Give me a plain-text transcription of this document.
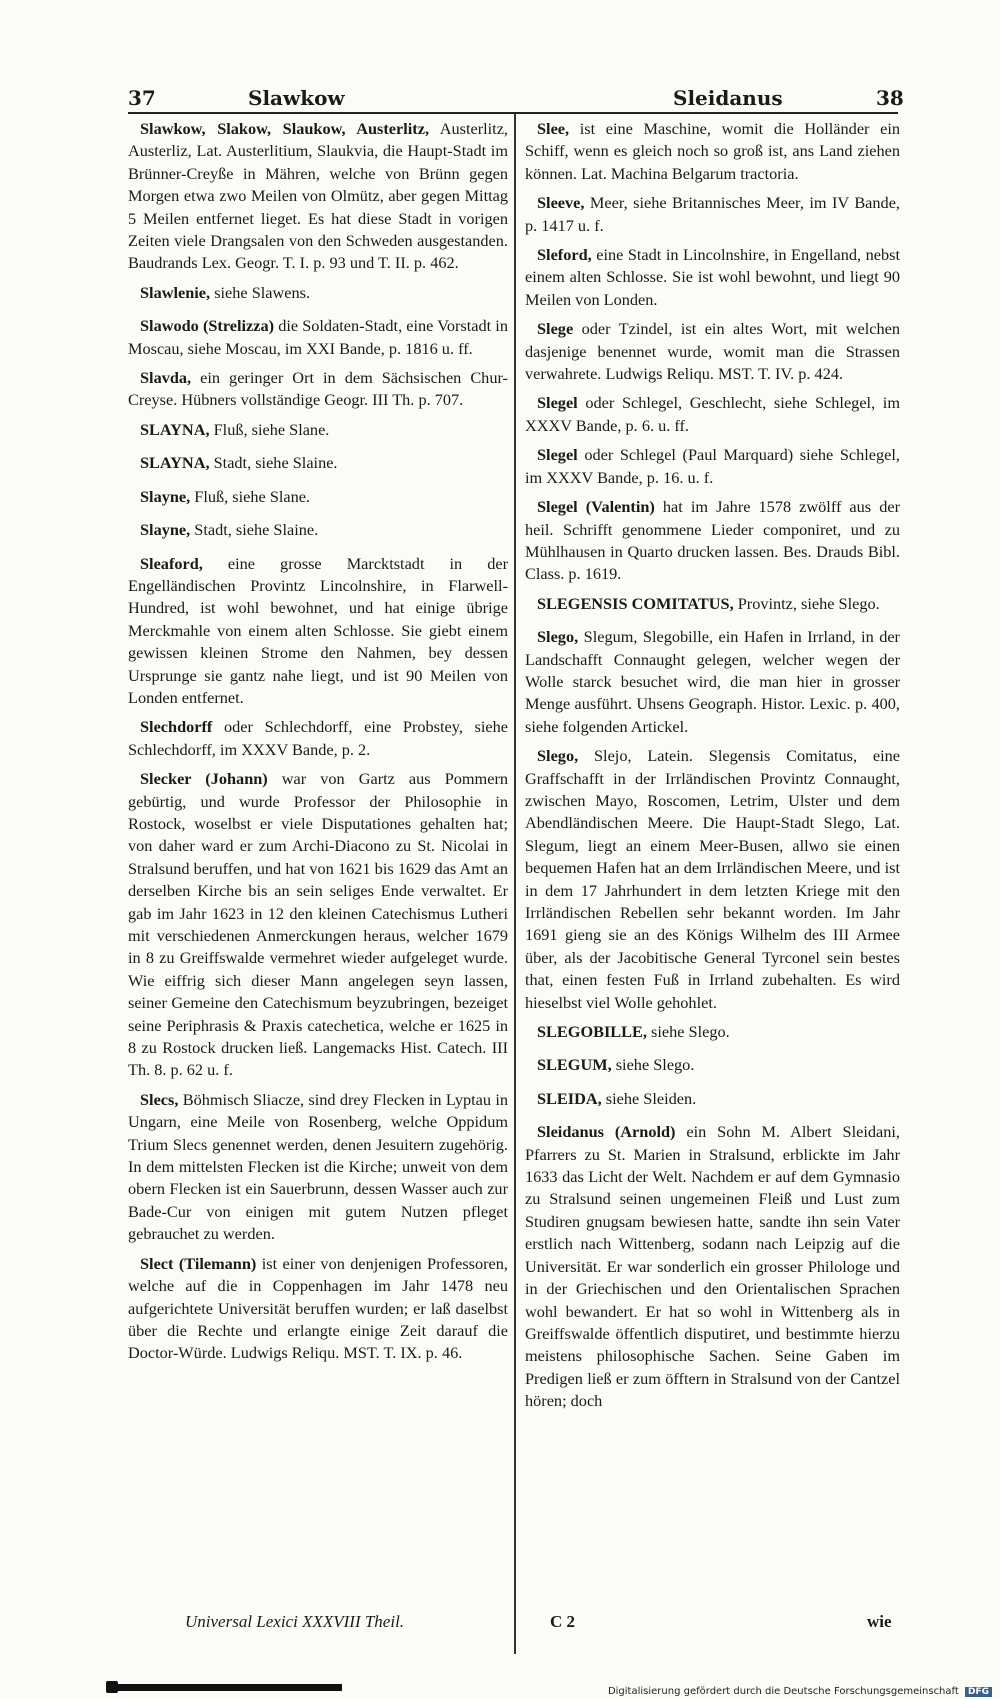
37	Slawkow	Sleidanus	38

Slawkow, Slakow, Slaukow, Austerlitz, Austerlitz, Austerliz, Lat. Austerlitium, Slaukvia, die Haupt-Stadt im Brünner-Creyße in Mähren, welche von Brünn gegen Morgen etwa zwo Meilen von Olmütz, aber gegen Mittag 5 Meilen entfernet lieget. Es hat diese Stadt in vorigen Zeiten viele Drangsalen von den Schweden ausgestanden. Baudrands Lex. Geogr. T. I. p. 93 und T. II. p. 462.

Slawlenie, siehe Slawens.

Slawodo (Strelizza) die Soldaten-Stadt, eine Vorstadt in Moscau, siehe Moscau, im XXI Bande, p. 1816 u. ff.

Slavda, ein geringer Ort in dem Sächsischen Chur-Creyse. Hübners vollständige Geogr. III Th. p. 707.

SLAYNA, Fluß, siehe Slane.

SLAYNA, Stadt, siehe Slaine.

Slayne, Fluß, siehe Slane.

Slayne, Stadt, siehe Slaine.

Sleaford, eine grosse Marcktstadt in der Engelländischen Provintz Lincolnshire, in Flarwell-Hundred, ist wohl bewohnet, und hat einige übrige Merckmahle von einem alten Schlosse. Sie giebt einem gewissen kleinen Strome den Nahmen, bey dessen Ursprunge sie gantz nahe liegt, und ist 90 Meilen von Londen entfernet.

Slechdorff oder Schlechdorff, eine Probstey, siehe Schlechdorff, im XXXV Bande, p. 2.

Slecker (Johann) war von Gartz aus Pommern gebürtig, und wurde Professor der Philosophie in Rostock, woselbst er viele Disputationes gehalten hat; von daher ward er zum Archi-Diacono zu St. Nicolai in Stralsund beruffen, und hat von 1621 bis 1629 das Amt an derselben Kirche bis an sein seliges Ende verwaltet. Er gab im Jahr 1623 in 12 den kleinen Catechismus Lutheri mit verschiedenen Anmerckungen heraus, welcher 1679 in 8 zu Greiffswalde vermehret wieder aufgeleget wurde. Wie eiffrig sich dieser Mann angelegen seyn lassen, seiner Gemeine den Catechismum beyzubringen, bezeiget seine Periphrasis & Praxis catechetica, welche er 1625 in 8 zu Rostock drucken ließ. Langemacks Hist. Catech. III Th. 8. p. 62 u. f.

Slecs, Böhmisch Sliacze, sind drey Flecken in Lyptau in Ungarn, eine Meile von Rosenberg, welche Oppidum Trium Slecs genennet werden, denen Jesuitern zugehörig. In dem mittelsten Flecken ist die Kirche; unweit von dem obern Flecken ist ein Sauerbrunn, dessen Wasser auch zur Bade-Cur von einigen mit gutem Nutzen pfleget gebrauchet zu werden.

Slect (Tilemann) ist einer von denjenigen Professoren, welche auf die in Coppenhagen im Jahr 1478 neu aufgerichtete Universität beruffen wurden; er laß daselbst über die Rechte und erlangte einige Zeit darauf die Doctor-Würde. Ludwigs Reliqu. MST. T. IX. p. 46.

Slee, ist eine Maschine, womit die Holländer ein Schiff, wenn es gleich noch so groß ist, ans Land ziehen können. Lat. Machina Belgarum tractoria.

Sleeve, Meer, siehe Britannisches Meer, im IV Bande, p. 1417 u. f.

Sleford, eine Stadt in Lincolnshire, in Engelland, nebst einem alten Schlosse. Sie ist wohl bewohnt, und liegt 90 Meilen von Londen.

Slege oder Tzindel, ist ein altes Wort, mit welchen dasjenige benennet wurde, womit man die Strassen verwahrete. Ludwigs Reliqu. MST. T. IV. p. 424.

Slegel oder Schlegel, Geschlecht, siehe Schlegel, im XXXV Bande, p. 6. u. ff.

Slegel oder Schlegel (Paul Marquard) siehe Schlegel, im XXXV Bande, p. 16. u. f.

Slegel (Valentin) hat im Jahre 1578 zwölff aus der heil. Schrifft genommene Lieder componiret, und zu Mühlhausen in Quarto drucken lassen. Bes. Drauds Bibl. Class. p. 1619.

SLEGENSIS COMITATUS, Provintz, siehe Slego.

Slego, Slegum, Slegobille, ein Hafen in Irrland, in der Landschafft Connaught gelegen, welcher wegen der Wolle starck besuchet wird, die man hier in grosser Menge ausführt. Uhsens Geograph. Histor. Lexic. p. 400, siehe folgenden Artickel.

Slego, Slejo, Latein. Slegensis Comitatus, eine Graffschafft in der Irrländischen Provintz Connaught, zwischen Mayo, Roscomen, Letrim, Ulster und dem Abendländischen Meere. Die Haupt-Stadt Slego, Lat. Slegum, liegt an einem Meer-Busen, allwo sie einen bequemen Hafen hat an dem Irrländischen Meere, und ist in dem 17 Jahrhundert in dem letzten Kriege mit den Irrländischen Rebellen sehr bekannt worden. Im Jahr 1691 gieng sie an des Königs Wilhelm des III Armee über, als der Jacobitische General Tyrconel sein bestes that, einen festen Fuß in Irrland zubehalten. Es wird hieselbst viel Wolle gehohlet.

SLEGOBILLE, siehe Slego.

SLEGUM, siehe Slego.

SLEIDA, siehe Sleiden.

Sleidanus (Arnold) ein Sohn M. Albert Sleidani, Pfarrers zu St. Marien in Stralsund, erblickte im Jahr 1633 das Licht der Welt. Nachdem er auf dem Gymnasio zu Stralsund seinen ungemeinen Fleiß und Lust zum Studiren gnugsam bewiesen hatte, sandte ihn sein Vater erstlich nach Wittenberg, sodann nach Leipzig auf die Universität. Er war sonderlich ein grosser Philologe und in der Griechischen und den Orientalischen Sprachen wohl bewandert. Er hat so wohl in Wittenberg als in Greiffswalde öffentlich disputiret, und bestimmte hierzu meistens philosophische Sachen. Seine Gaben im Predigen ließ er zum öfftern in Stralsund von der Cantzel hören; doch

Universal Lexici XXXVIII Theil.	C 2	wie
Digitalisierung gefördert durch die Deutsche Forschungsgemeinschaft DFG
